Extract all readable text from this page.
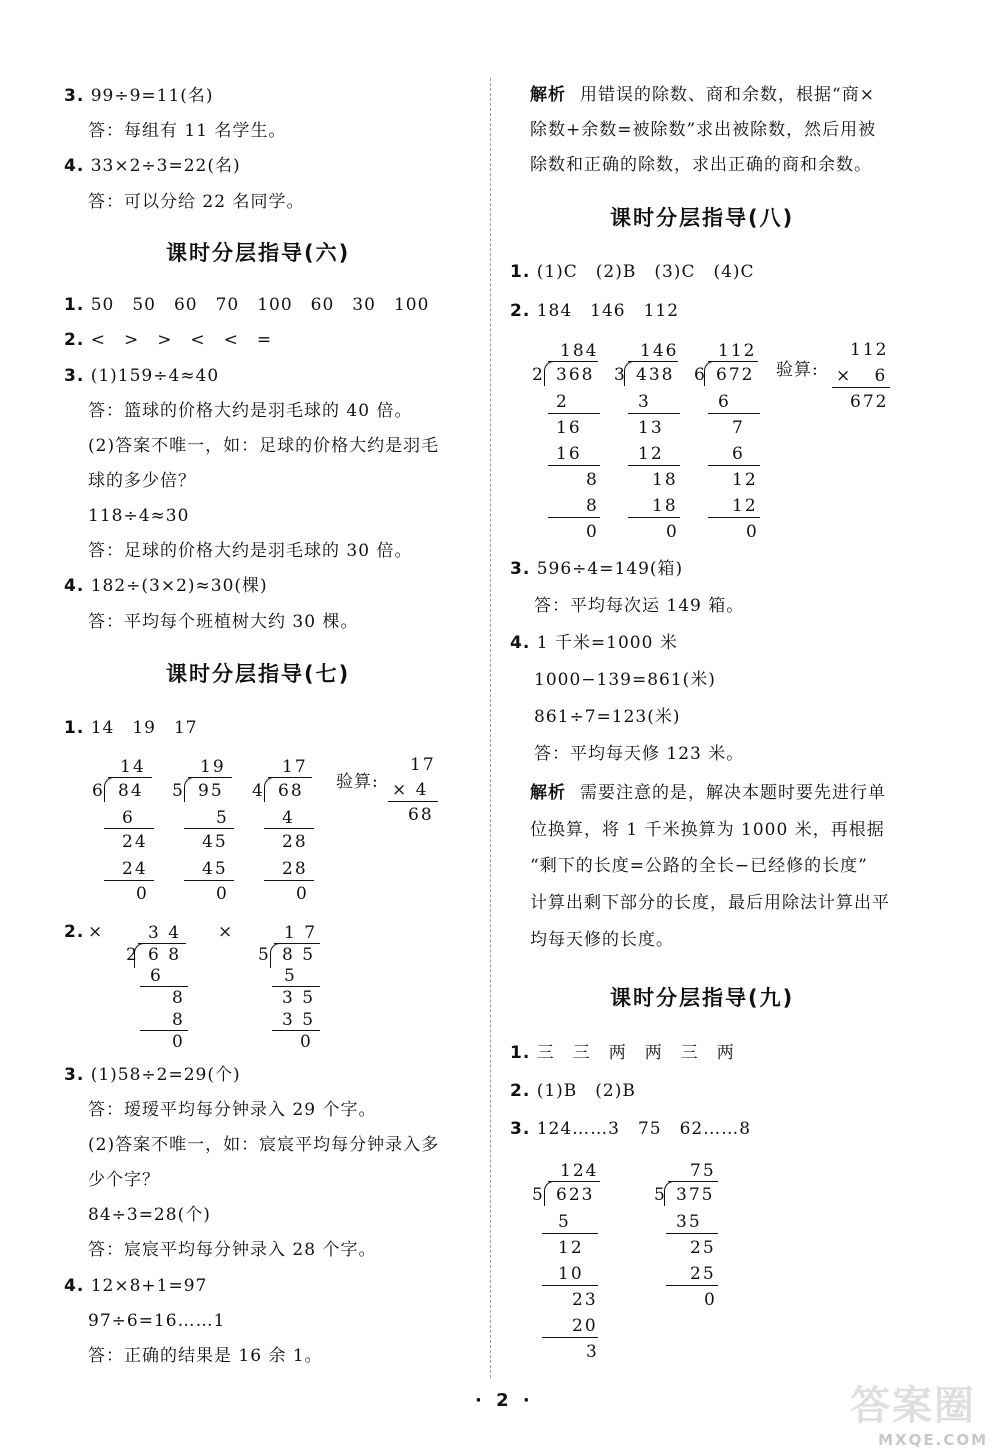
3. 99÷9=11(名)
答：每组有 11 名学生。
4. 33×2÷3=22(名)
答：可以分给 22 名同学。
课时分层指导(六)
1. 50　50　60　70　100　60　30　100
2. <　>　>　<　<　=
3. (1)159÷4≈40
答：篮球的价格大约是羽毛球的 40 倍。
(2)答案不唯一，如：足球的价格大约是羽毛
球的多少倍？
118÷4≈30
答：足球的价格大约是羽毛球的 30 倍。
4. 182÷(3×2)≈30(棵)
答：平均每个班植树大约 30 棵。
课时分层指导(七)
1. 14　19　17
14
6 84
6
24
24
0
19
5 95
5
45
45
0
17
4 68
4
28
28
0
验算:
17
× 4
68
2. ×	3 4
2 6 8
6
8
8
0
×	1 7
5 8 5
5
3 5
3 5
0
3. (1)58÷2=29(个)
答：瑷瑷平均每分钟录入 29 个字。
(2)答案不唯一，如：宸宸平均每分钟录入多
少个字？
84÷3=28(个)
答：宸宸平均每分钟录入 28 个字。
4. 12×8+1=97
97÷6=16……1
答：正确的结果是 16 余 1。
解析 用错误的除数、商和余数，根据“商×
除数+余数=被除数”求出被除数，然后用被
除数和正确的除数，求出正确的商和余数。
课时分层指导(八)
1. (1)C　(2)B　(3)C　(4)C
2. 184　146　112
184
2 368
2
16
16
8
8
0
146
3 438
3
13
12
18
18
0
112
6 672
6
7
6
12
12
0
验算:
112
×   6
672
3. 596÷4=149(箱)
答：平均每次运 149 箱。
4. 1 千米=1000 米
1000−139=861(米)
861÷7=123(米)
答：平均每天修 123 米。
解析 需要注意的是，解决本题时要先进行单
位换算，将 1 千米换算为 1000 米，再根据
“剩下的长度=公路的全长−已经修的长度”
计算出剩下部分的长度，最后用除法计算出平
均每天修的长度。
课时分层指导(九)
1. 三　三　两　两　三　两
2. (1)B　(2)B
3. 124……3　75　62……8
124
5 623
5
12
10
23
20
3
75
5 375
35
25
25
0
· 2 ·	答案圈
MXQE.COM
